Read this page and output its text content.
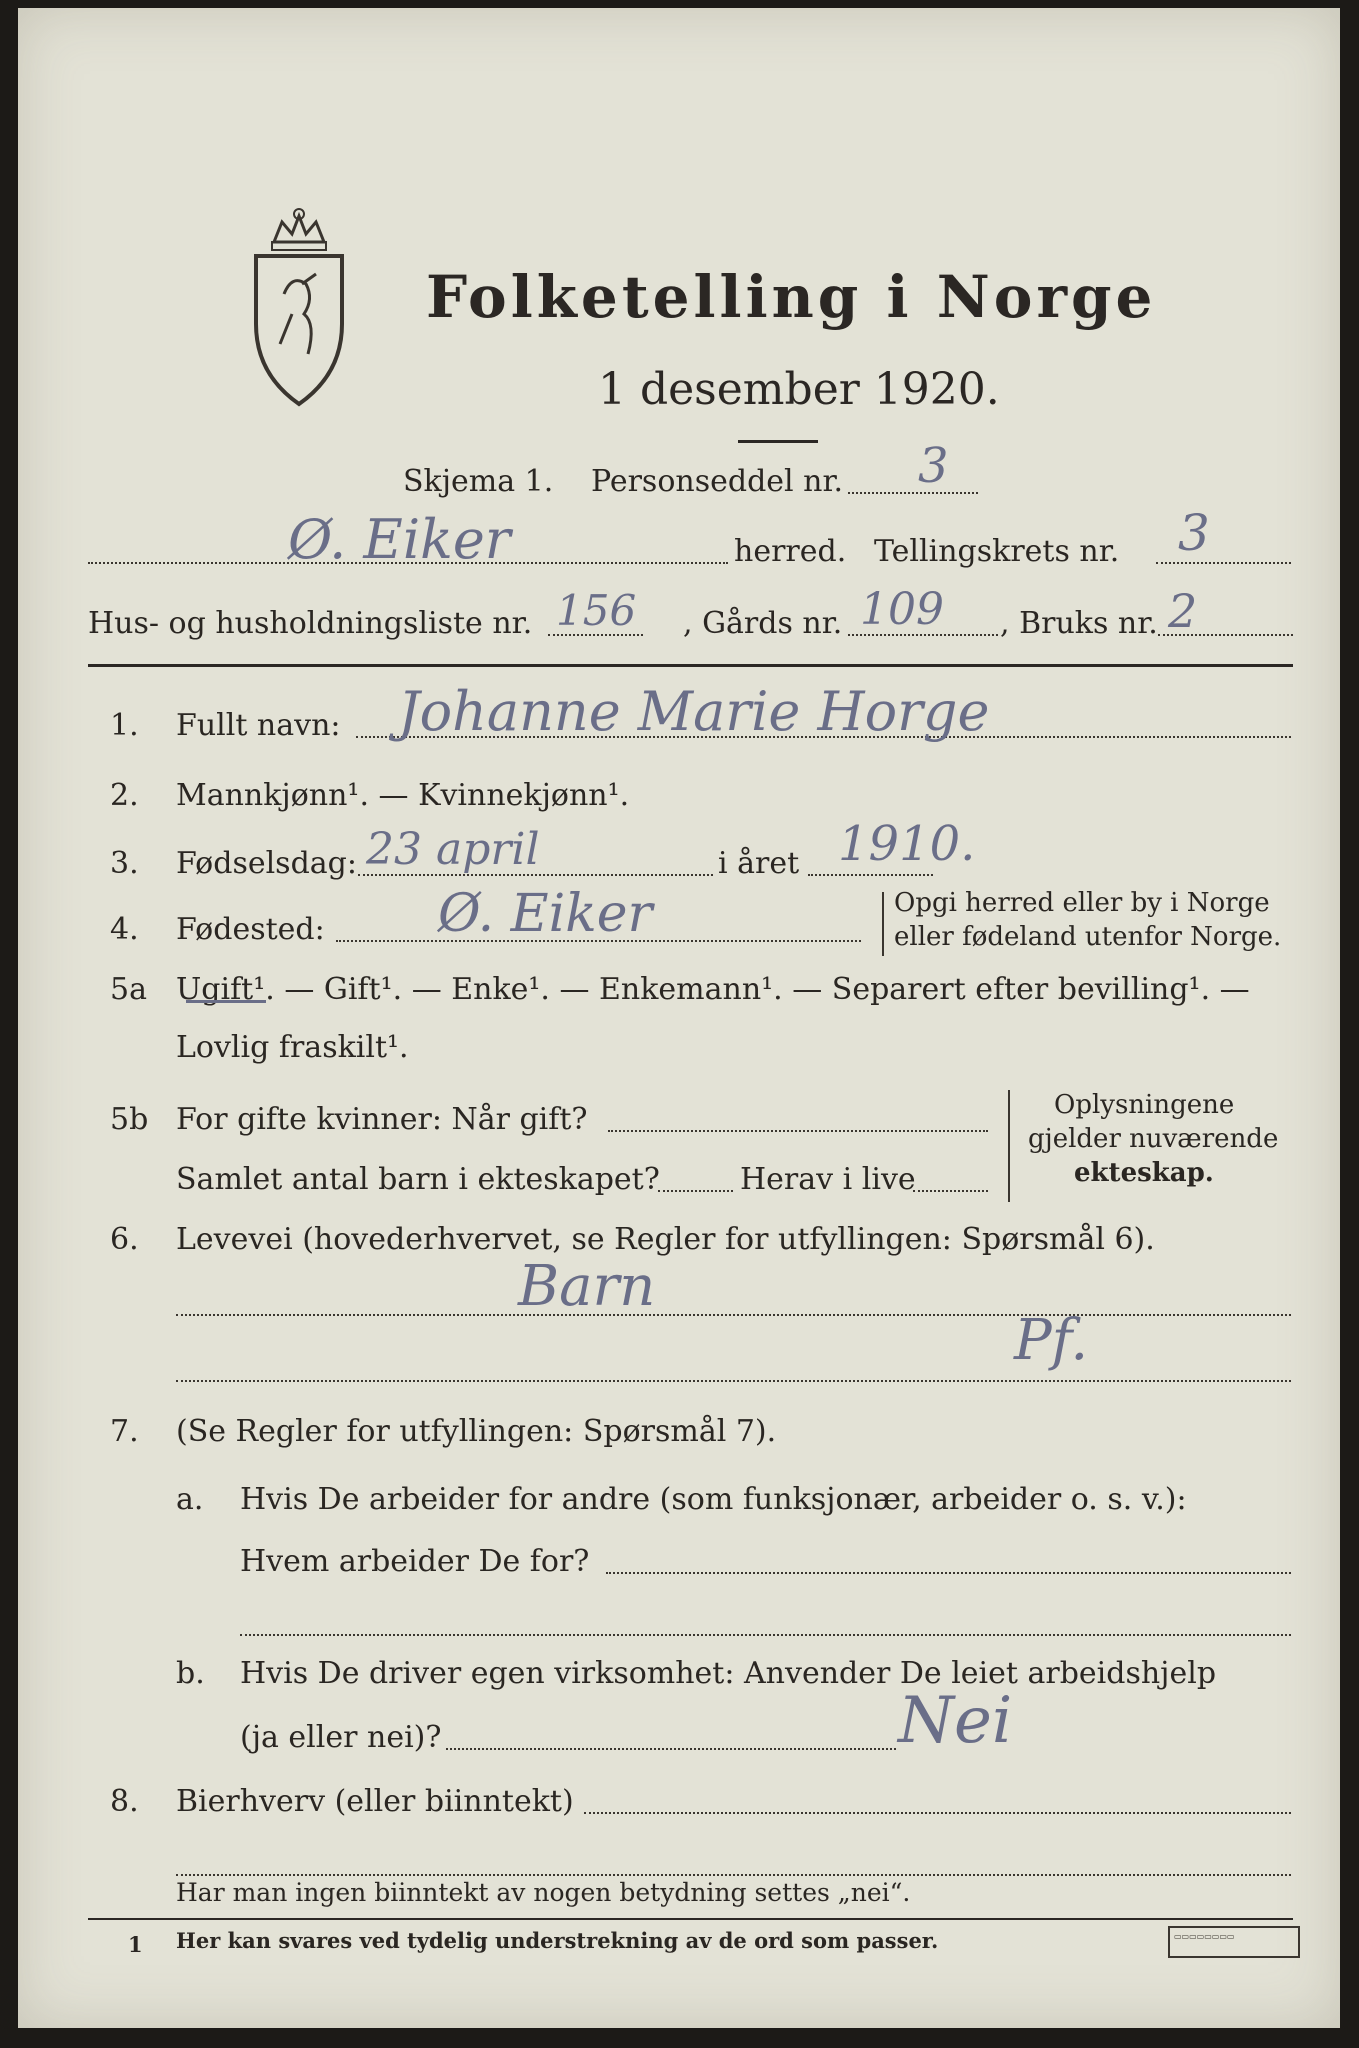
Folketelling i Norge
1 desember 1920.
Skjema 1. Personseddel nr. 3
Ø. Eiker	herred. Tellingskrets nr. 3
Hus- og husholdningsliste nr. 156 , Gårds nr. 109 , Bruks nr. 2
1. Fullt navn: Johanne Marie Horge
2. Mannkjønn¹. — Kvinnekjønn¹.
3. Fødselsdag: 23 april	i året 1910.
4. Fødested: Ø. Eiker	Opgi herred eller by i Norge
eller fødeland utenfor Norge.
5a Ugift¹. — Gift¹. — Enke¹. — Enkemann¹. — Separert efter bevilling¹. —
Lovlig fraskilt¹.
5b For gifte kvinner: Når gift?
Samlet antal barn i ekteskapet?	Herav i live
Oplysningene
gjelder nuværende
ekteskap.
6. Levevei (hovederhvervet, se Regler for utfyllingen: Spørsmål 6).
Barn
Pf.
7. (Se Regler for utfyllingen: Spørsmål 7).
a. Hvis De arbeider for andre (som funksjonær, arbeider o. s. v.):
Hvem arbeider De for?
b. Hvis De driver egen virksomhet: Anvender De leiet arbeidshjelp
(ja eller nei)?	Nei
8. Bierhverv (eller biinntekt)
Har man ingen biinntekt av nogen betydning settes „nei“.
1 Her kan svares ved tydelig understrekning av de ord som passer.	▭▭▭▭▭▭▭▭
